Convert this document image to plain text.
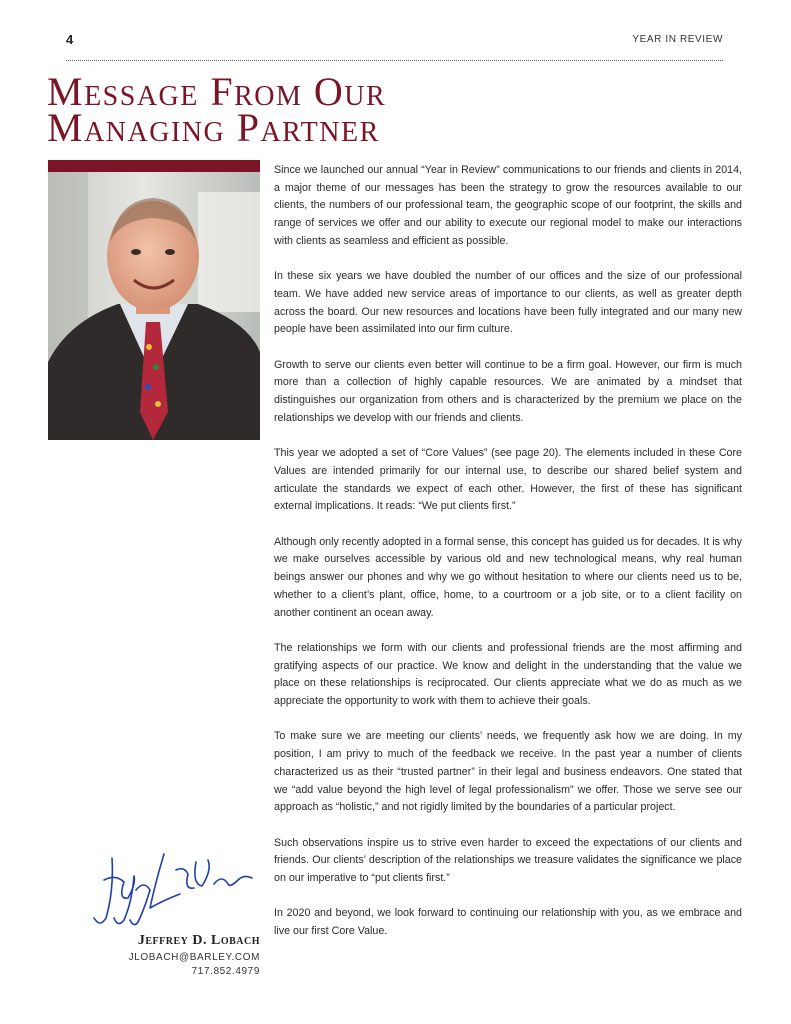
4	YEAR IN REVIEW
Message From Our
Managing Partner

Since we launched our annual “Year in Review” communications to our friends and clients in 2014, a major theme of our messages has been the strategy to grow the resources available to our clients, the numbers of our professional team, the geographic scope of our footprint, the skills and range of services we offer and our ability to execute our regional model to make our interactions with clients as seamless and efficient as possible.

In these six years we have doubled the number of our offices and the size of our professional team. We have added new service areas of importance to our clients, as well as greater depth across the board. Our new resources and locations have been fully integrated and our many new people have been assimilated into our firm culture.

Growth to serve our clients even better will continue to be a firm goal. However, our firm is much more than a collection of highly capable resources. We are animated by a mindset that distinguishes our organization from others and is characterized by the premium we place on the relationships we develop with our friends and clients.

This year we adopted a set of “Core Values” (see page 20). The elements included in these Core Values are intended primarily for our internal use, to describe our shared belief system and articulate the standards we expect of each other. However, the first of these has significant external implications. It reads: “We put clients first.”

Although only recently adopted in a formal sense, this concept has guided us for decades. It is why we make ourselves accessible by various old and new technological means, why real human beings answer our phones and why we go without hesitation to where our clients need us to be, whether to a client’s plant, office, home, to a courtroom or a job site, or to a client facility on another continent an ocean away.

The relationships we form with our clients and professional friends are the most affirming and gratifying aspects of our practice. We know and delight in the understanding that the value we place on these relationships is reciprocated. Our clients appreciate what we do as much as we appreciate the opportunity to work with them to achieve their goals.

To make sure we are meeting our clients’ needs, we frequently ask how we are doing. In my position, I am privy to much of the feedback we receive. In the past year a number of clients characterized us as their “trusted partner” in their legal and business endeavors. One stated that we “add value beyond the high level of legal professionalism” we offer. Those we serve see our approach as “holistic,” and not rigidly limited by the boundaries of a particular project.

Such observations inspire us to strive even harder to exceed the expectations of our clients and friends. Our clients’ description of the relationships we treasure validates the significance we place on our imperative to “put clients first.”

In 2020 and beyond, we look forward to continuing our relationship with you, as we embrace and live our first Core Value.

Jeffrey D. Lobach
JLOBACH@BARLEY.COM
717.852.4979
